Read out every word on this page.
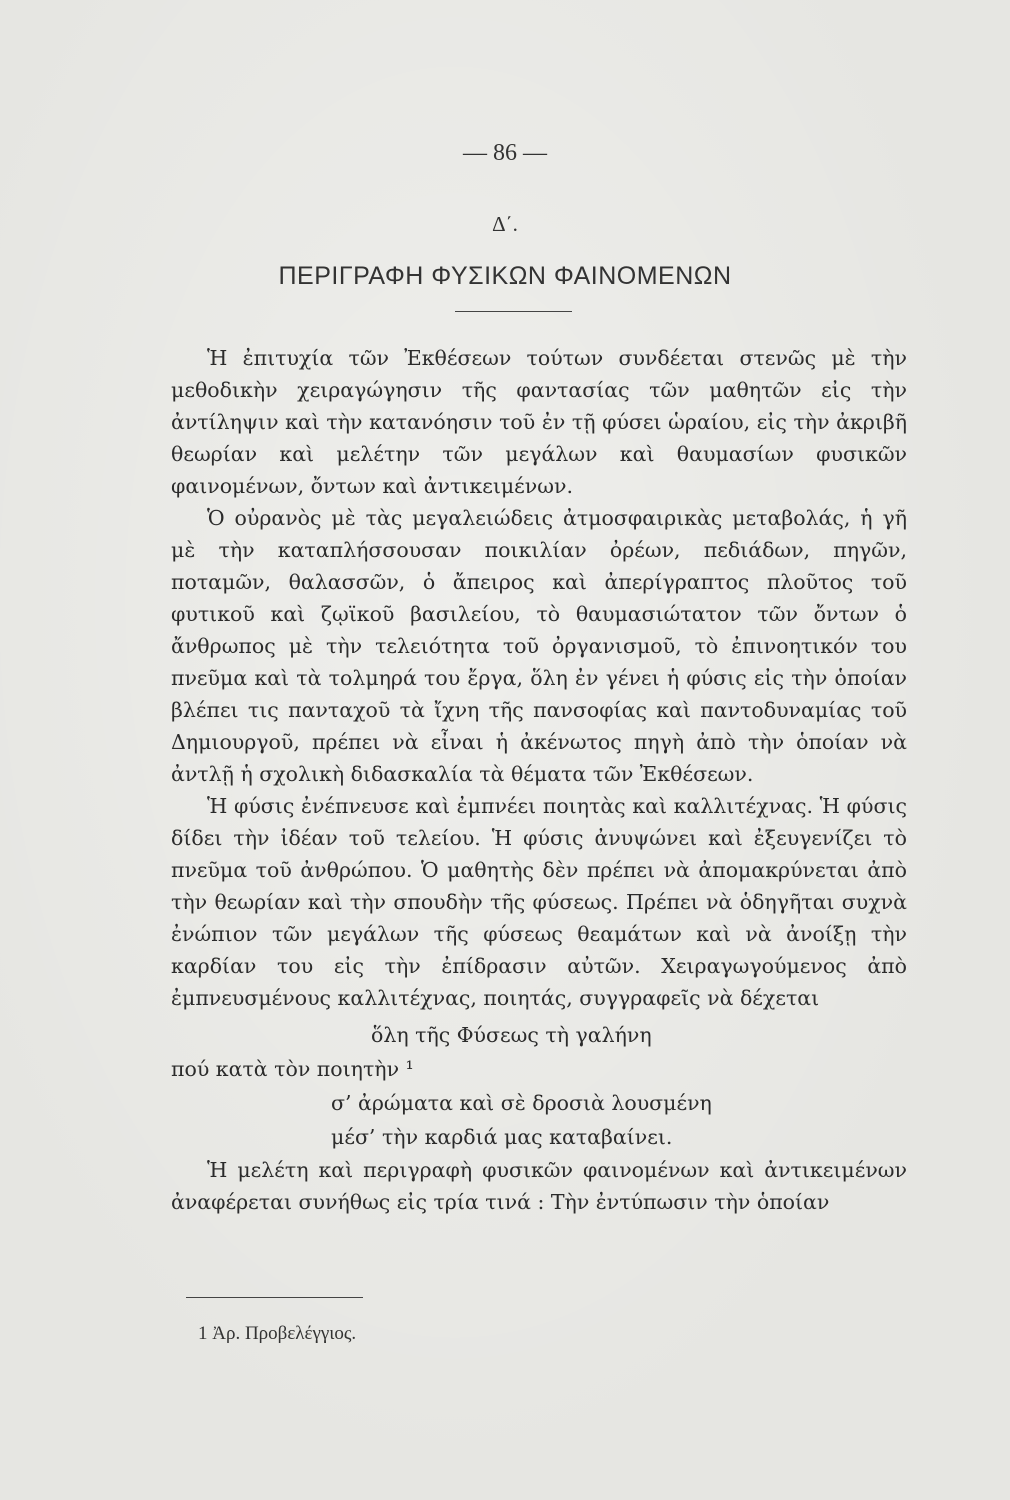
— 86 —
Δ΄.
ΠΕΡΙΓΡΑΦΗ ΦΥΣΙΚΩΝ ΦΑΙΝΟΜΕΝΩΝ

Ἡ ἐπιτυχία τῶν Ἐκθέσεων τούτων συνδέεται στενῶς μὲ τὴν μεθοδικὴν χειραγώγησιν τῆς φαντασίας τῶν μαθητῶν εἰς τὴν ἀντίληψιν καὶ τὴν κατανόησιν τοῦ ἐν τῇ φύσει ὡραίου, εἰς τὴν ἀκριβῆ θεωρίαν καὶ μελέτην τῶν μεγάλων καὶ θαυμασίων φυσικῶν φαινομένων, ὄντων καὶ ἀντικειμένων.

Ὁ οὐρανὸς μὲ τὰς μεγαλειώδεις ἀτμοσφαιρικὰς μεταβολάς, ἡ γῆ μὲ τὴν καταπλήσσουσαν ποικιλίαν ὀρέων, πεδιάδων, πηγῶν, ποταμῶν, θαλασσῶν, ὁ ἄπειρος καὶ ἀπερίγραπτος πλοῦτος τοῦ φυτικοῦ καὶ ζῳϊκοῦ βασιλείου, τὸ θαυμασιώτατον τῶν ὄντων ὁ ἄνθρωπος μὲ τὴν τελειότητα τοῦ ὀργανισμοῦ, τὸ ἐπινοητικόν του πνεῦμα καὶ τὰ τολμηρά του ἔργα, ὅλη ἐν γένει ἡ φύσις εἰς τὴν ὁποίαν βλέπει τις πανταχοῦ τὰ ἴχνη τῆς πανσοφίας καὶ παντοδυναμίας τοῦ Δημιουργοῦ, πρέπει νὰ εἶναι ἡ ἀκένωτος πηγὴ ἀπὸ τὴν ὁποίαν νὰ ἀντλῇ ἡ σχολικὴ διδασκαλία τὰ θέματα τῶν Ἐκθέσεων.

Ἡ φύσις ἐνέπνευσε καὶ ἐμπνέει ποιητὰς καὶ καλλιτέχνας. Ἡ φύσις δίδει τὴν ἰδέαν τοῦ τελείου. Ἡ φύσις ἀνυψώνει καὶ ἐξευγενίζει τὸ πνεῦμα τοῦ ἀνθρώπου. Ὁ μαθητὴς δὲν πρέπει νὰ ἀπομακρύνεται ἀπὸ τὴν θεωρίαν καὶ τὴν σπουδὴν τῆς φύσεως. Πρέπει νὰ ὁδηγῆται συχνὰ ἐνώπιον τῶν μεγάλων τῆς φύσεως θεαμάτων καὶ νὰ ἀνοίξῃ τὴν καρδίαν του εἰς τὴν ἐπίδρασιν αὐτῶν. Χειραγωγούμενος ἀπὸ ἐμπνευσμένους καλλιτέχνας, ποιητάς, συγγραφεῖς νὰ δέχεται

ὅλη τῆς Φύσεως τὴ γαλήνη
πού κατὰ τὸν ποιητὴν ¹
σ’ ἀρώματα καὶ σὲ δροσιὰ λουσμένη
μέσ’ τὴν καρδιά μας καταβαίνει.

Ἡ μελέτη καὶ περιγραφὴ φυσικῶν φαινομένων καὶ ἀντικειμένων ἀναφέρεται συνήθως εἰς τρία τινά : Τὴν ἐντύπωσιν τὴν ὁποίαν

1 Ἀρ. Προβελέγγιος.
